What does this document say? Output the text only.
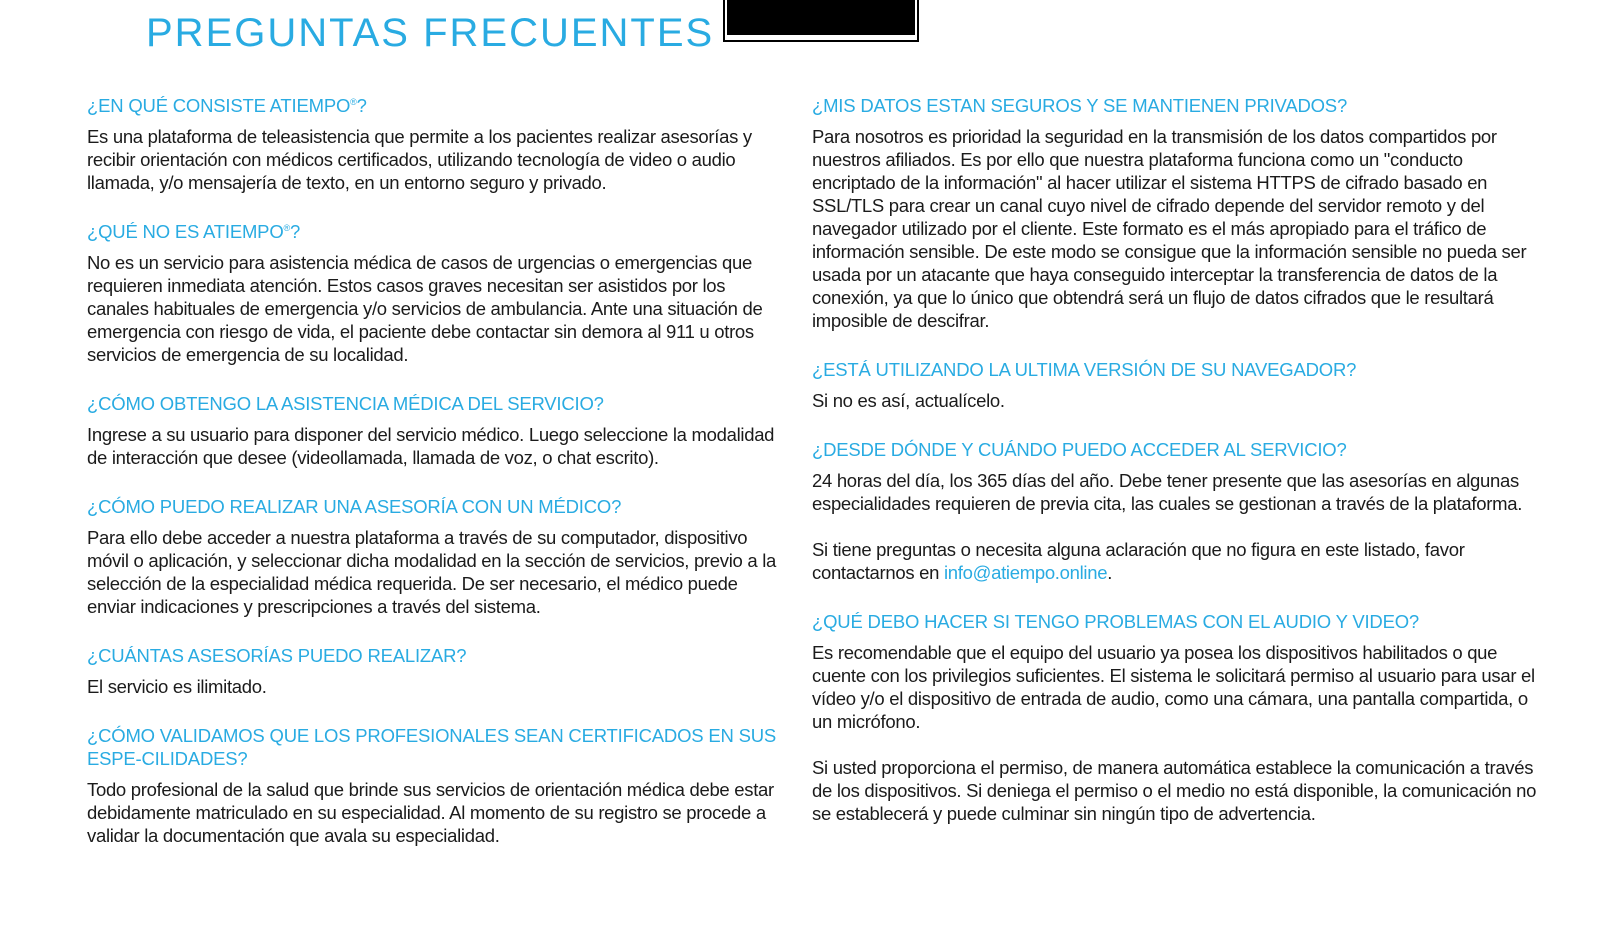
PREGUNTAS FRECUENTES
¿EN QUÉ CONSISTE ATIEMPO®?

Es una plataforma de teleasistencia que permite a los pacientes realizar asesorías y recibir orientación con médicos certificados, utilizando tecnología de video o audio llamada, y/o mensajería de texto, en un entorno seguro y privado.

¿QUÉ NO ES ATIEMPO®?

No es un servicio para asistencia médica de casos de urgencias o emergencias que requieren inmediata atención. Estos casos graves necesitan ser asistidos por los canales habituales de emergencia y/o servicios de ambulancia. Ante una situación de emergencia con riesgo de vida, el paciente debe contactar sin demora al 911 u otros servicios de emergencia de su localidad.

¿CÓMO OBTENGO LA ASISTENCIA MÉDICA DEL SERVICIO?

Ingrese a su usuario para disponer del servicio médico. Luego seleccione la modalidad de interacción que desee (videollamada, llamada de voz, o chat escrito).

¿CÓMO PUEDO REALIZAR UNA ASESORÍA CON UN MÉDICO?

Para ello debe acceder a nuestra plataforma a través de su computador, dispositivo móvil o aplicación, y seleccionar dicha modalidad en la sección de servicios, previo a la selección de la especialidad médica requerida. De ser necesario, el médico puede enviar indicaciones y prescripciones a través del sistema.

¿CUÁNTAS ASESORÍAS PUEDO REALIZAR?

El servicio es ilimitado.

¿CÓMO VALIDAMOS QUE LOS PROFESIONALES SEAN CERTIFICADOS EN SUS ESPE-CILIDADES?

Todo profesional de la salud que brinde sus servicios de orientación médica debe estar debidamente matriculado en su especialidad. Al momento de su registro se procede a validar la documentación que avala su especialidad.

¿MIS DATOS ESTAN SEGUROS Y SE MANTIENEN PRIVADOS?

Para nosotros es prioridad la seguridad en la transmisión de los datos compartidos por nuestros afiliados. Es por ello que nuestra plataforma funciona como un "conducto encriptado de la información" al hacer utilizar el sistema HTTPS de cifrado basado en SSL/TLS para crear un canal cuyo nivel de cifrado depende del servidor remoto y del navegador utilizado por el cliente. Este formato es el más apropiado para el tráfico de información sensible. De este modo se consigue que la información sensible no pueda ser usada por un atacante que haya conseguido interceptar la transferencia de datos de la conexión, ya que lo único que obtendrá será un flujo de datos cifrados que le resultará imposible de descifrar.

¿ESTÁ UTILIZANDO LA ULTIMA VERSIÓN DE SU NAVEGADOR?

Si no es así, actualícelo.

¿DESDE DÓNDE Y CUÁNDO PUEDO ACCEDER AL SERVICIO?

24 horas del día, los 365 días del año. Debe tener presente que las asesorías en algunas especialidades requieren de previa cita, las cuales se gestionan a través de la plataforma.

Si tiene preguntas o necesita alguna aclaración que no figura en este listado, favor contactarnos en info@atiempo.online.

¿QUÉ DEBO HACER SI TENGO PROBLEMAS CON EL AUDIO Y VIDEO?

Es recomendable que el equipo del usuario ya posea los dispositivos habilitados o que cuente con los privilegios suficientes. El sistema le solicitará permiso al usuario para usar el vídeo y/o el dispositivo de entrada de audio, como una cámara, una pantalla compartida, o un micrófono.

Si usted proporciona el permiso, de manera automática establece la comunicación a través de los dispositivos. Si deniega el permiso o el medio no está disponible, la comunicación no se establecerá y puede culminar sin ningún tipo de advertencia.
